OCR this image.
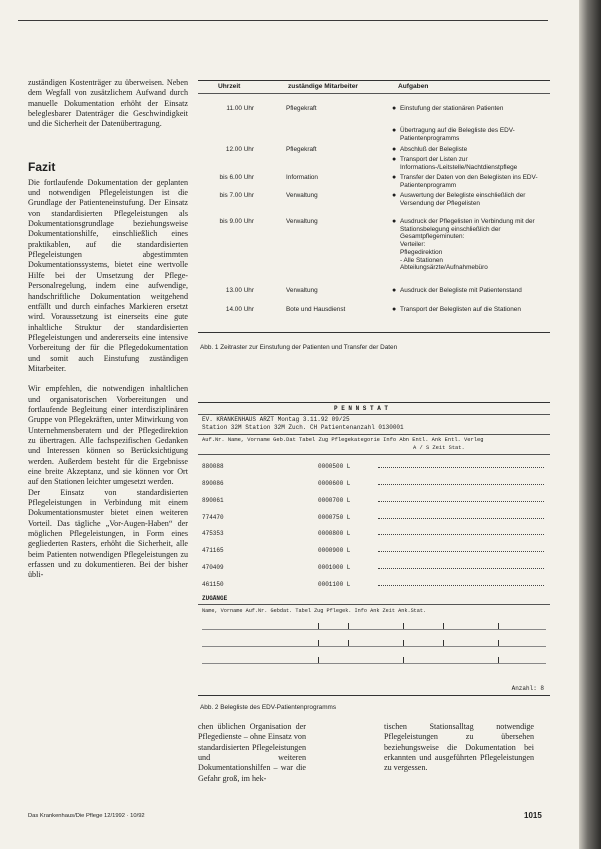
zuständigen Kostenträger zu überweisen. Neben dem Wegfall von zusätzlichem Aufwand durch manuelle Dokumentation erhöht der Einsatz beleglesbarer Datenträger die Geschwindigkeit und die Sicherheit der Datenübertragung.

Fazit

Die fortlaufende Dokumentation der geplanten und notwendigen Pflegeleistungen ist die Grundlage der Patienteneinstufung. Der Einsatz von standardisierten Pflegeleistungen als Dokumentationsgrundlage beziehungsweise Dokumentationshilfe, einschließlich eines praktikablen, auf die standardisierten Pflegeleistungen abgestimmten Dokumentationssystems, bietet eine wertvolle Hilfe bei der Umsetzung der Pflege-Personalregelung, indem eine aufwendige, handschriftliche Dokumentation weitgehend entfällt und durch einfaches Markieren ersetzt wird. Voraussetzung ist einerseits eine gute inhaltliche Struktur der standardisierten Pflegeleistungen und andererseits eine intensive Vorbereitung der für die Pflegedokumentation und somit auch Einstufung zuständigen Mitarbeiter.

Wir empfehlen, die notwendigen inhaltlichen und organisatorischen Vorbereitungen und fortlaufende Begleitung einer interdisziplinären Gruppe von Pflegekräften, unter Mitwirkung von Unternehmensberatern und der Pflegedirektion zu übertragen. Alle fachspezifischen Gedanken und Interessen können so Berücksichtigung werden. Außerdem besteht für die Ergebnisse eine breite Akzeptanz, und sie können vor Ort auf den Stationen leichter umgesetzt werden.

Der Einsatz von standardisierten Pflegeleistungen in Verbindung mit einem Dokumentationsmuster bietet einen weiteren Vorteil. Das tägliche „Vor-Augen-Haben“ der möglichen Pflegeleistungen, in Form eines gegliederten Rasters, erhöht die Sicherheit, alle beim Patienten notwendigen Pflegeleistungen zu erfassen und zu dokumentieren. Bei der bisher übli-

Uhrzeit	zuständige Mitarbeiter	Aufgaben
11.00 Uhr	Pflegekraft	● Einstufung der stationären Patienten
● Übertragung auf die Belegliste des EDV-Patientenprogramms
12.00 Uhr	Pflegekraft	● Abschluß der Belegliste
● Transport der Listen zur Informations-/Leitstelle/Nachtdienstpflege
bis 6.00 Uhr	Information	● Transfer der Daten von den Beleglisten ins EDV-Patientenprogramm
bis 7.00 Uhr	Verwaltung	● Auswertung der Belegliste einschließlich der Versendung der Pflegelisten
bis 9.00 Uhr	Verwaltung	● Ausdruck der Pflegelisten in Verbindung mit der Stationsbelegung einschließlich der Gesamtpflegeminuten:
Verteiler:
Pflegedirektion
- Alle Stationen
Abteilungsärzte/Aufnahmebüro
13.00 Uhr	Verwaltung	● Ausdruck der Belegliste mit Patientenstand
14.00 Uhr	Bote und Hausdienst	● Transport der Beleglisten auf die Stationen
Abb. 1 Zeitraster zur Einstufung der Patienten und Transfer der Daten
P E N N S T A T
EV. KRANKENHAUS ARZT Montag 3.11.92 09/25
Station 32M Station 32M Zuch. CH Patientenanzahl 0130001
Auf.Nr. Name, Vorname Geb.Dat Tabel Zug Pflegekategorie Info Abn Entl. Ank Entl. Verleg
A / S Zeit Stat.
880088	0000500 L
890086	0000600 L
890061	0000700 L
774470	0000750 L
475353	0000800 L
471165	0000900 L
470409	0001000 L
461150	0001100 L
ZUGÄNGE
Name, Vorname Auf.Nr. Gebdat. Tabel Zug Pflegek. Info Ank Zeit Ank.Stat.
Anzahl: 8
Abb. 2 Belegliste des EDV-Patientenprogramms

chen üblichen Organisation der Pflegedienste – ohne Einsatz von standardisierten Pflegeleistungen und weiteren Dokumentationshilfen – war die Gefahr groß, im hek-

tischen Stationsalltag notwendige Pflegeleistungen zu übersehen beziehungsweise die Dokumentation bei erkannten und ausgeführten Pflegeleistungen zu vergessen.

Das Krankenhaus/Die Pflege 12/1992 · 10/92	1015
